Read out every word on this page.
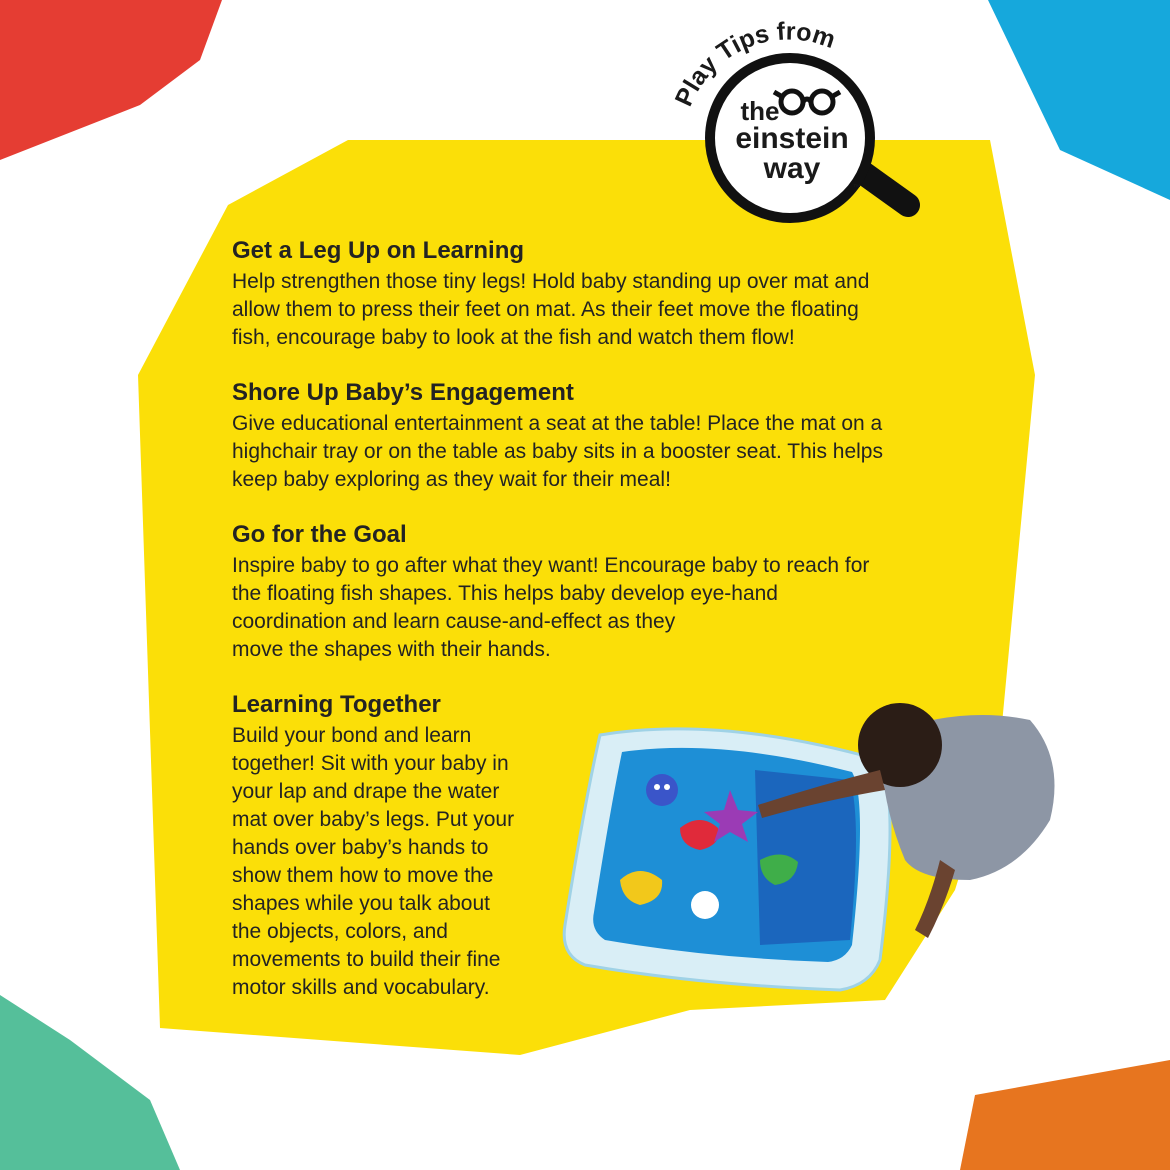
Play Tips from
the
einstein
way
™
Get a Leg Up on Learning

Help strengthen those tiny legs! Hold baby standing up over mat and
allow them to press their feet on mat. As their feet move the floating
fish, encourage baby to look at the fish and watch them flow!

Shore Up Baby’s Engagement

Give educational entertainment a seat at the table! Place the mat on a
highchair tray or on the table as baby sits in a booster seat. This helps
keep baby exploring as they wait for their meal!

Go for the Goal

Inspire baby to go after what they want! Encourage baby to reach for
the floating fish shapes. This helps baby develop eye-hand
coordination and learn cause-and-effect as they
move the shapes with their hands.

Learning Together

Build your bond and learn
together! Sit with your baby in
your lap and drape the water
mat over baby’s legs. Put your
hands over baby’s hands to
show them how to move the
shapes while you talk about
the objects, colors, and
movements to build their fine
motor skills and vocabulary.
